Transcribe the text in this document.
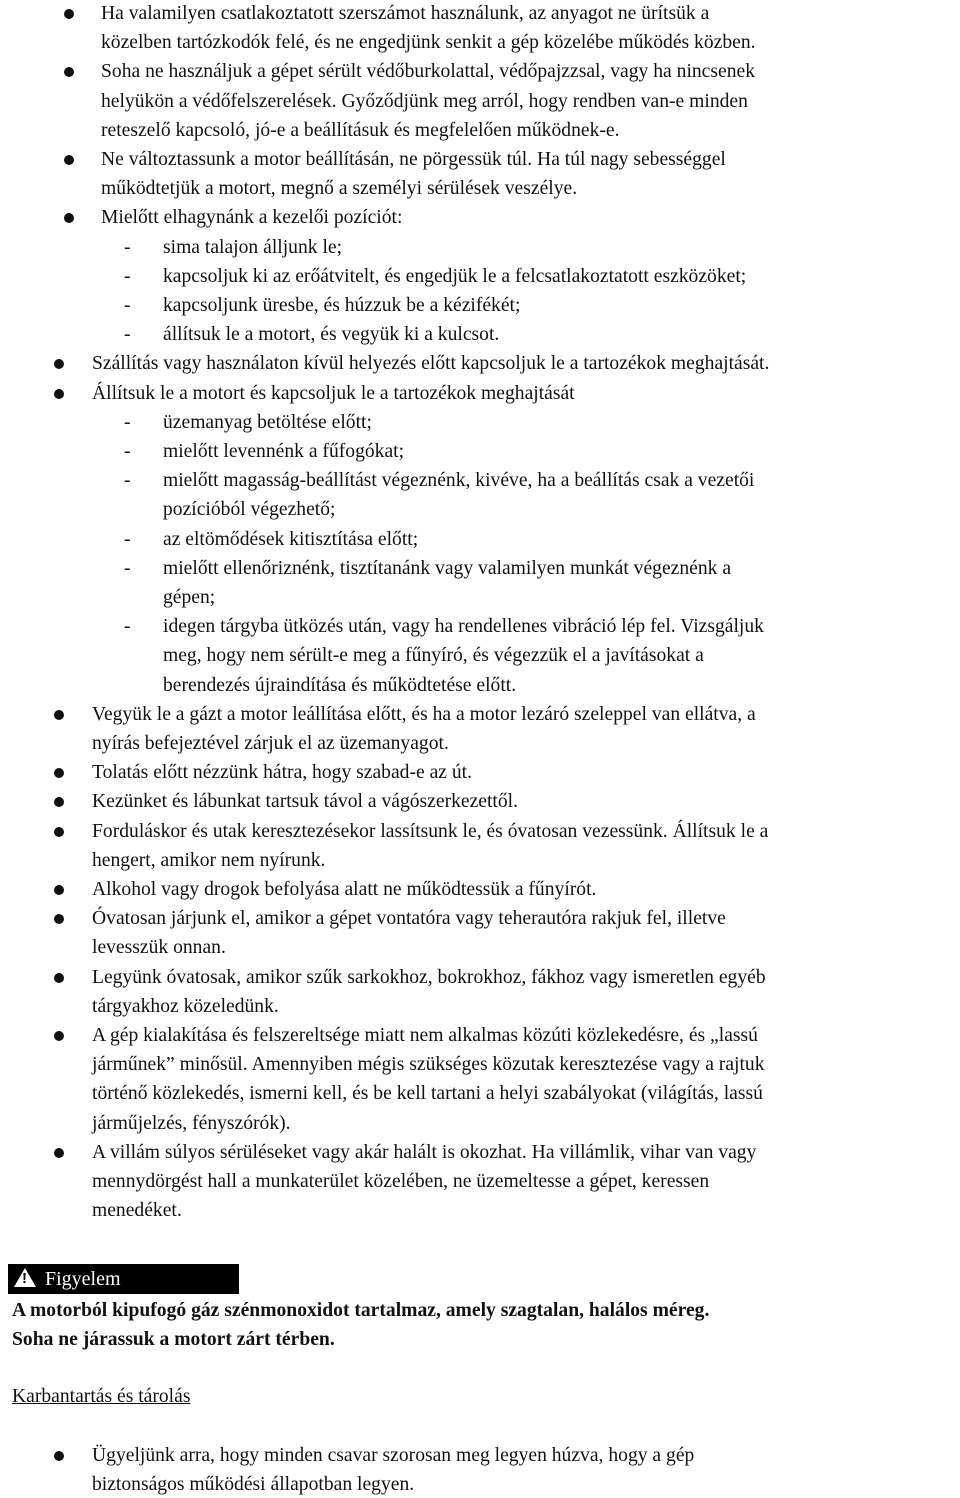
Ha valamilyen csatlakoztatott szerszámot használunk, az anyagot ne ürítsük a
közelben tartózkodók felé, és ne engedjünk senkit a gép közelébe működés közben.
Soha ne használjuk a gépet sérült védőburkolattal, védőpajzzsal, vagy ha nincsenek
helyükön a védőfelszerelések. Győződjünk meg arról, hogy rendben van-e minden
reteszelő kapcsoló, jó-e a beállításuk és megfelelően működnek-e.
Ne változtassunk a motor beállításán, ne pörgessük túl. Ha túl nagy sebességgel
működtetjük a motort, megnő a személyi sérülések veszélye.
Mielőtt elhagynánk a kezelői pozíciót:
- sima talajon álljunk le;
- kapcsoljuk ki az erőátvitelt, és engedjük le a felcsatlakoztatott eszközöket;
- kapcsoljunk üresbe, és húzzuk be a kézifékét;
- állítsuk le a motort, és vegyük ki a kulcsot.
Szállítás vagy használaton kívül helyezés előtt kapcsoljuk le a tartozékok meghajtását.
Állítsuk le a motort és kapcsoljuk le a tartozékok meghajtását
- üzemanyag betöltése előtt;
- mielőtt levennénk a fűfogókat;
- mielőtt magasság-beállítást végeznénk, kivéve, ha a beállítás csak a vezetői
pozícióból végezhető;
- az eltömődések kitisztítása előtt;
- mielőtt ellenőriznénk, tisztítanánk vagy valamilyen munkát végeznénk a
gépen;
- idegen tárgyba ütközés után, vagy ha rendellenes vibráció lép fel. Vizsgáljuk
meg, hogy nem sérült-e meg a fűnyíró, és végezzük el a javításokat a
berendezés újraindítása és működtetése előtt.
Vegyük le a gázt a motor leállítása előtt, és ha a motor lezáró szeleppel van ellátva, a
nyírás befejeztével zárjuk el az üzemanyagot.
Tolatás előtt nézzünk hátra, hogy szabad-e az út.
Kezünket és lábunkat tartsuk távol a vágószerkezettől.
Forduláskor és utak keresztezésekor lassítsunk le, és óvatosan vezessünk. Állítsuk le a
hengert, amikor nem nyírunk.
Alkohol vagy drogok befolyása alatt ne működtessük a fűnyírót.
Óvatosan járjunk el, amikor a gépet vontatóra vagy teherautóra rakjuk fel, illetve
levesszük onnan.
Legyünk óvatosak, amikor szűk sarkokhoz, bokrokhoz, fákhoz vagy ismeretlen egyéb
tárgyakhoz közeledünk.
A gép kialakítása és felszereltsége miatt nem alkalmas közúti közlekedésre, és „lassú
járműnek” minősül. Amennyiben mégis szükséges közutak keresztezése vagy a rajtuk
történő közlekedés, ismerni kell, és be kell tartani a helyi szabályokat (világítás, lassú
járműjelzés, fényszórók).
A villám súlyos sérüléseket vagy akár halált is okozhat. Ha villámlik, vihar van vagy
mennydörgést hall a munkaterület közelében, ne üzemeltesse a gépet, keressen
menedéket.
! Figyelem
A motorból kipufogó gáz szénmonoxidot tartalmaz, amely szagtalan, halálos méreg.
Soha ne járassuk a motort zárt térben.
Karbantartás és tárolás
Ügyeljünk arra, hogy minden csavar szorosan meg legyen húzva, hogy a gép
biztonságos működési állapotban legyen.
